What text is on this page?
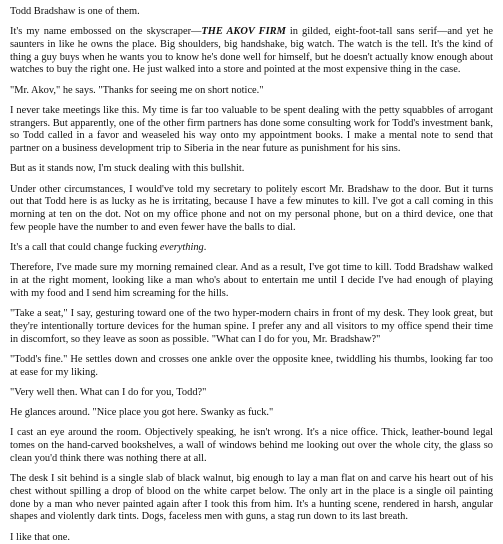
Todd Bradshaw is one of them.

It's my name embossed on the skyscraper—THE AKOV FIRM in gilded, eight-foot-tall sans serif—and yet he saunters in like he owns the place. Big shoulders, big handshake, big watch. The watch is the tell. It's the kind of thing a guy buys when he wants you to know he's done well for himself, but he doesn't actually know enough about watches to buy the right one. He just walked into a store and pointed at the most expensive thing in the case.

"Mr. Akov," he says. "Thanks for seeing me on short notice."

I never take meetings like this. My time is far too valuable to be spent dealing with the petty squabbles of arrogant strangers. But apparently, one of the other firm partners has done some consulting work for Todd's investment bank, so Todd called in a favor and weaseled his way onto my appointment books. I make a mental note to send that partner on a business development trip to Siberia in the near future as punishment for his sins.

But as it stands now, I'm stuck dealing with this bullshit.

Under other circumstances, I would've told my secretary to politely escort Mr. Bradshaw to the door. But it turns out that Todd here is as lucky as he is irritating, because I have a few minutes to kill. I've got a call coming in this morning at ten on the dot. Not on my office phone and not on my personal phone, but on a third device, one that few people have the number to and even fewer have the balls to dial.

It's a call that could change fucking everything.

Therefore, I've made sure my morning remained clear. And as a result, I've got time to kill. Todd Bradshaw walked in at the right moment, looking like a man who's about to entertain me until I decide I've had enough of playing with my food and I send him screaming for the hills.

"Take a seat," I say, gesturing toward one of the two hyper-modern chairs in front of my desk. They look great, but they're intentionally torture devices for the human spine. I prefer any and all visitors to my office spend their time in discomfort, so they leave as soon as possible. "What can I do for you, Mr. Bradshaw?"

"Todd's fine." He settles down and crosses one ankle over the opposite knee, twiddling his thumbs, looking far too at ease for my liking.

"Very well then. What can I do for you, Todd?"

He glances around. "Nice place you got here. Swanky as fuck."

I cast an eye around the room. Objectively speaking, he isn't wrong. It's a nice office. Thick, leather-bound legal tomes on the hand-carved bookshelves, a wall of windows behind me looking out over the whole city, the glass so clean you'd think there was nothing there at all.

The desk I sit behind is a single slab of black walnut, big enough to lay a man flat on and carve his heart out of his chest without spilling a drop of blood on the white carpet below. The only art in the place is a single oil painting done by a man who never painted again after I took this from him. It's a hunting scene, rendered in harsh, angular shapes and violently dark tints. Dogs, faceless men with guns, a stag run down to its last breath.

I like that one.
